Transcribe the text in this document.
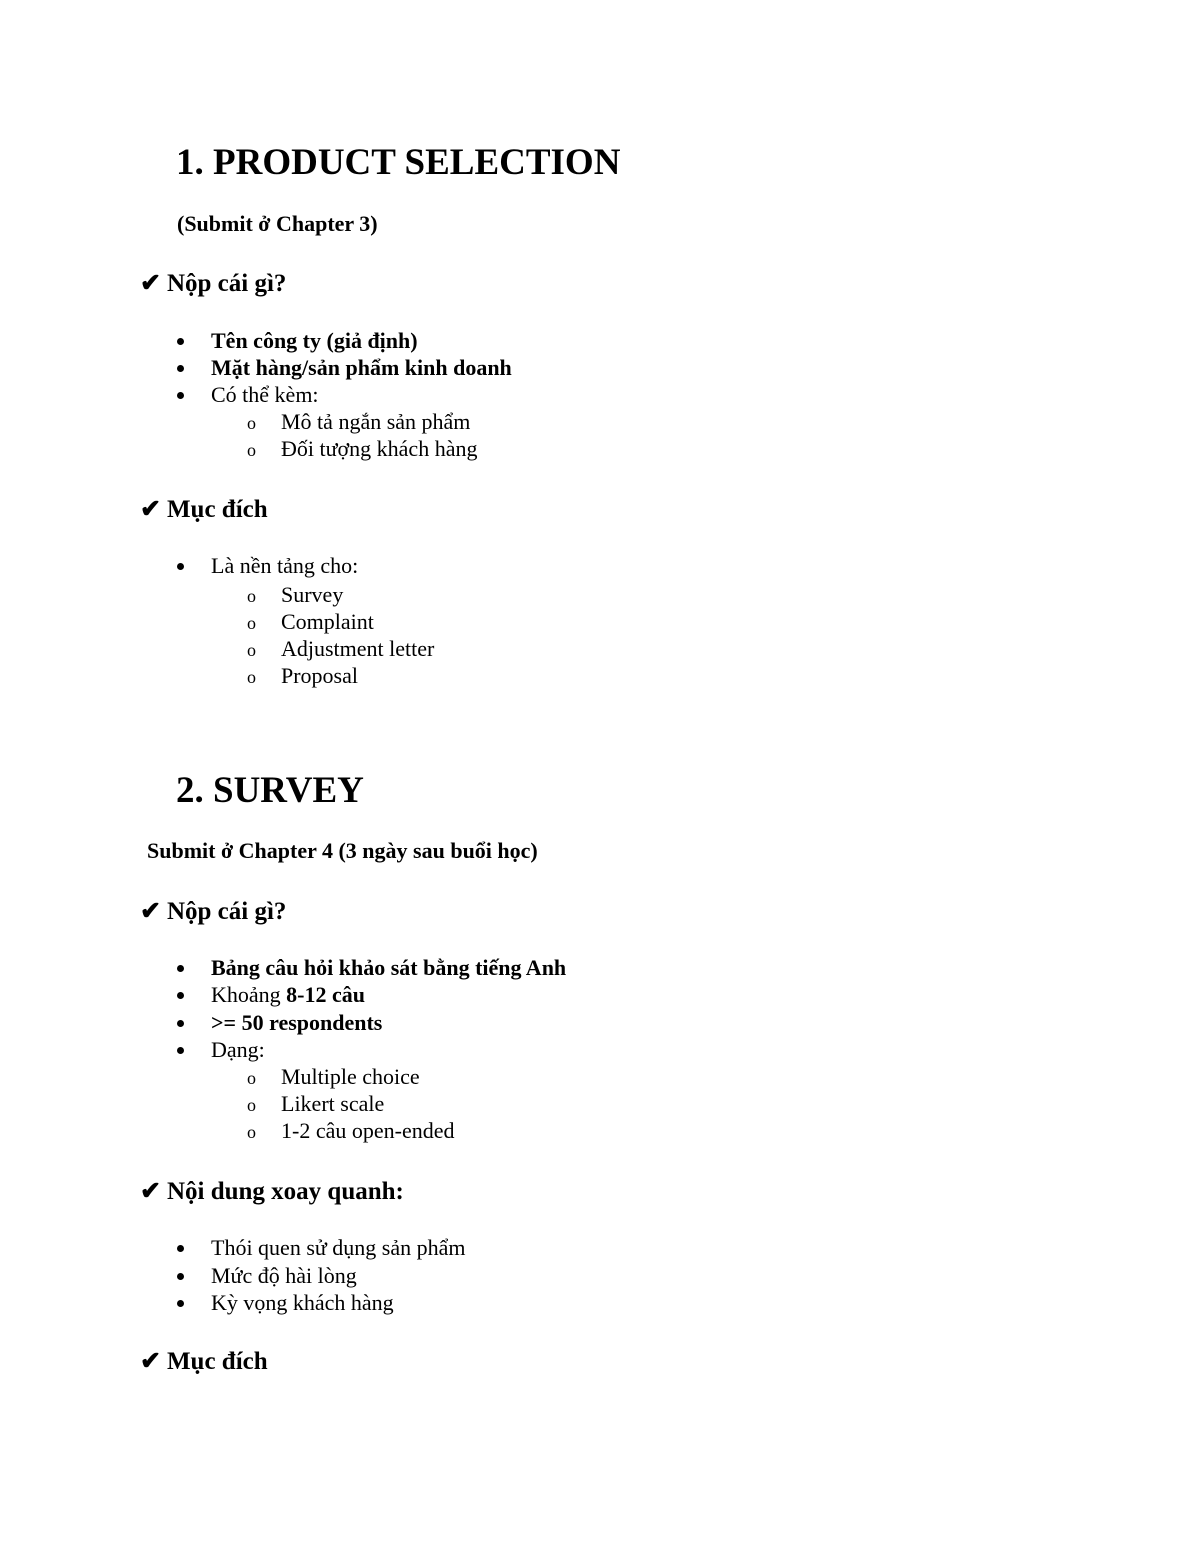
1. PRODUCT SELECTION
(Submit ở Chapter 3)
✔ Nộp cái gì?
Tên công ty (giả định)
Mặt hàng/sản phẩm kinh doanh
Có thể kèm:
o Mô tả ngắn sản phẩm
o Đối tượng khách hàng
✔ Mục đích
Là nền tảng cho:
o Survey
o Complaint
o Adjustment letter
o Proposal
2. SURVEY
Submit ở Chapter 4 (3 ngày sau buổi học)
✔ Nộp cái gì?
Bảng câu hỏi khảo sát bằng tiếng Anh
Khoảng 8-12 câu
>= 50 respondents
Dạng:
o Multiple choice
o Likert scale
o 1-2 câu open-ended
✔ Nội dung xoay quanh:
Thói quen sử dụng sản phẩm
Mức độ hài lòng
Kỳ vọng khách hàng
✔ Mục đích
